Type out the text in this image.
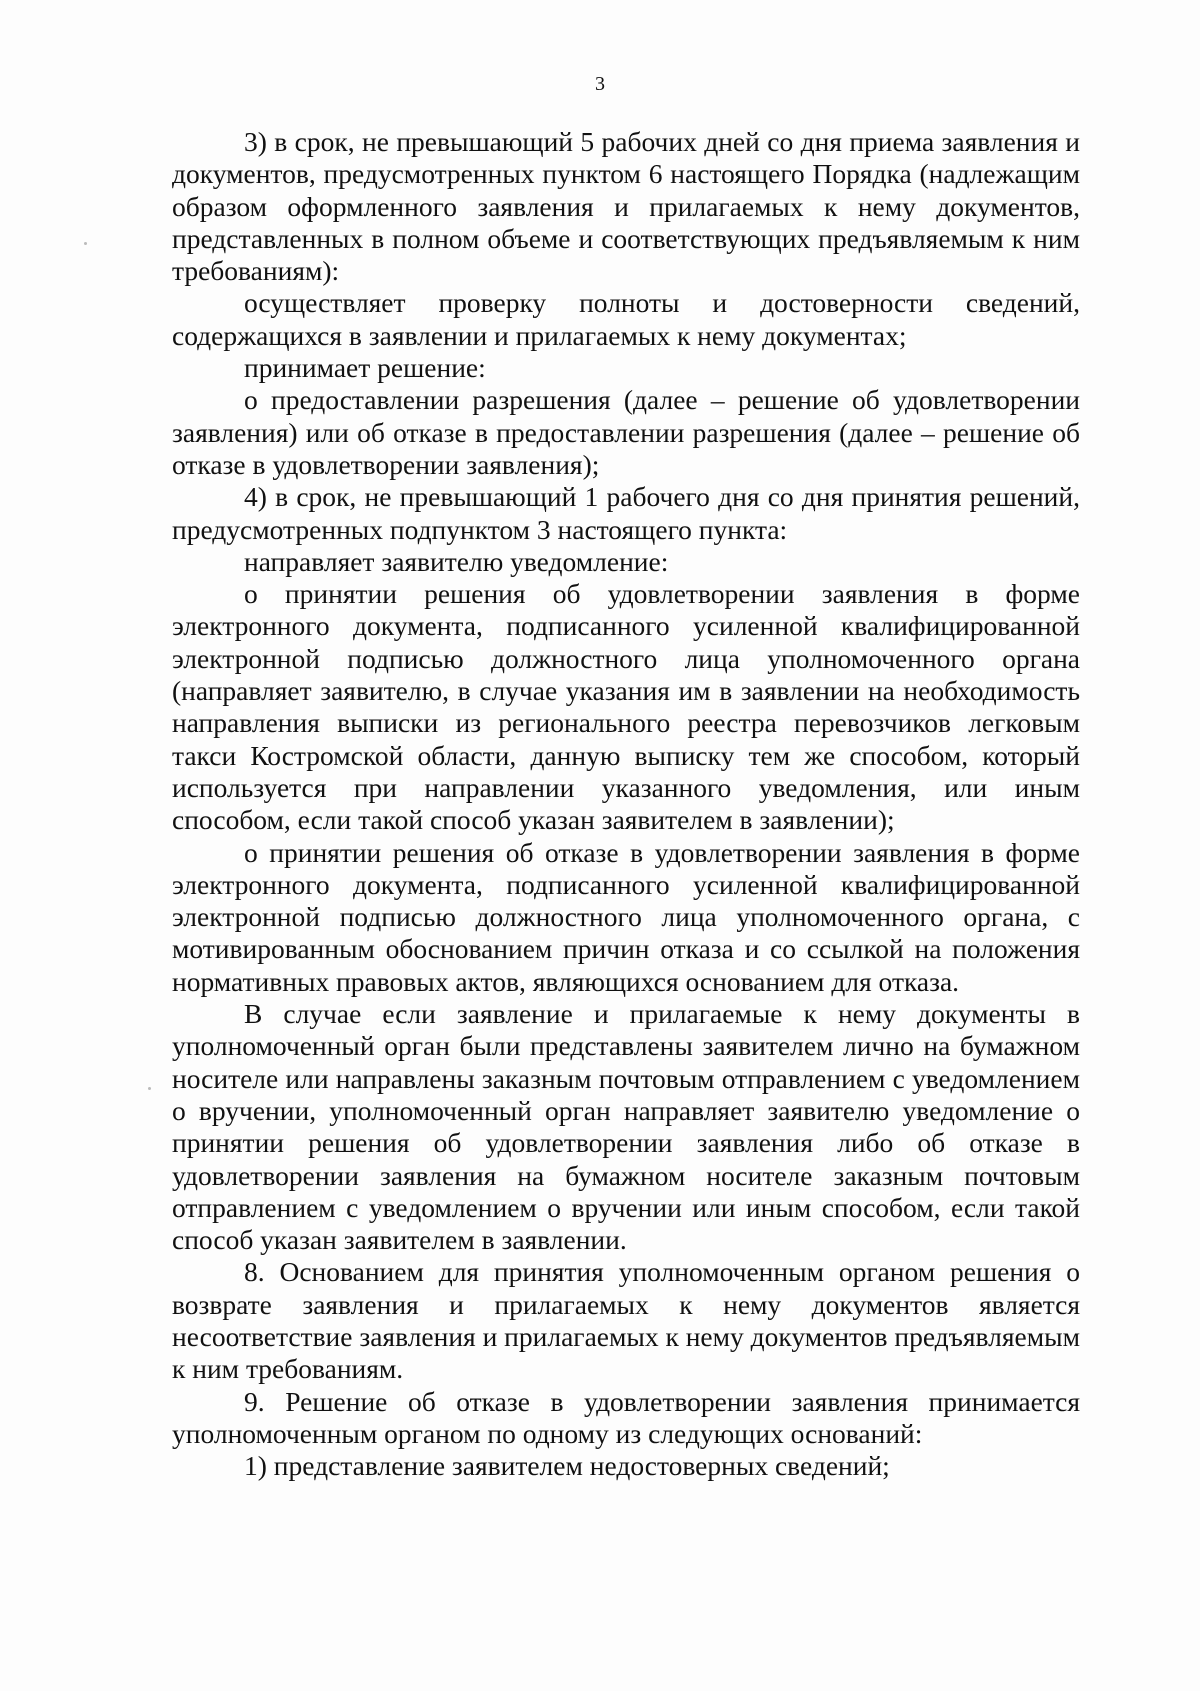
3

3) в срок, не превышающий 5 рабочих дней со дня приема заявления и документов, предусмотренных пунктом 6 настоящего Порядка (надлежащим образом оформленного заявления и прилагаемых к нему документов, представленных в полном объеме и соответствующих предъявляемым к ним требованиям):

осуществляет проверку полноты и достоверности сведений, содержащихся в заявлении и прилагаемых к нему документах;

принимает решение:

о предоставлении разрешения (далее – решение об удовлетворении заявления) или об отказе в предоставлении разрешения (далее – решение об отказе в удовлетворении заявления);

4) в срок, не превышающий 1 рабочего дня со дня принятия решений, предусмотренных подпунктом 3 настоящего пункта:

направляет заявителю уведомление:

о принятии решения об удовлетворении заявления в форме электронного документа, подписанного усиленной квалифицированной электронной подписью должностного лица уполномоченного органа (направляет заявителю, в случае указания им в заявлении на необходимость направления выписки из регионального реестра перевозчиков легковым такси Костромской области, данную выписку тем же способом, который используется при направлении указанного уведомления, или иным способом, если такой способ указан заявителем в заявлении);

о принятии решения об отказе в удовлетворении заявления в форме электронного документа, подписанного усиленной квалифицированной электронной подписью должностного лица уполномоченного органа, с мотивированным обоснованием причин отказа и со ссылкой на положения нормативных правовых актов, являющихся основанием для отказа.

В случае если заявление и прилагаемые к нему документы в уполномоченный орган были представлены заявителем лично на бумажном носителе или направлены заказным почтовым отправлением с уведомлением о вручении, уполномоченный орган направляет заявителю уведомление о принятии решения об удовлетворении заявления либо об отказе в удовлетворении заявления на бумажном носителе заказным почтовым отправлением с уведомлением о вручении или иным способом, если такой способ указан заявителем в заявлении.

8. Основанием для принятия уполномоченным органом решения о возврате заявления и прилагаемых к нему документов является несоответствие заявления и прилагаемых к нему документов предъявляемым к ним требованиям.

9. Решение об отказе в удовлетворении заявления принимается уполномоченным органом по одному из следующих оснований:

1) представление заявителем недостоверных сведений;
